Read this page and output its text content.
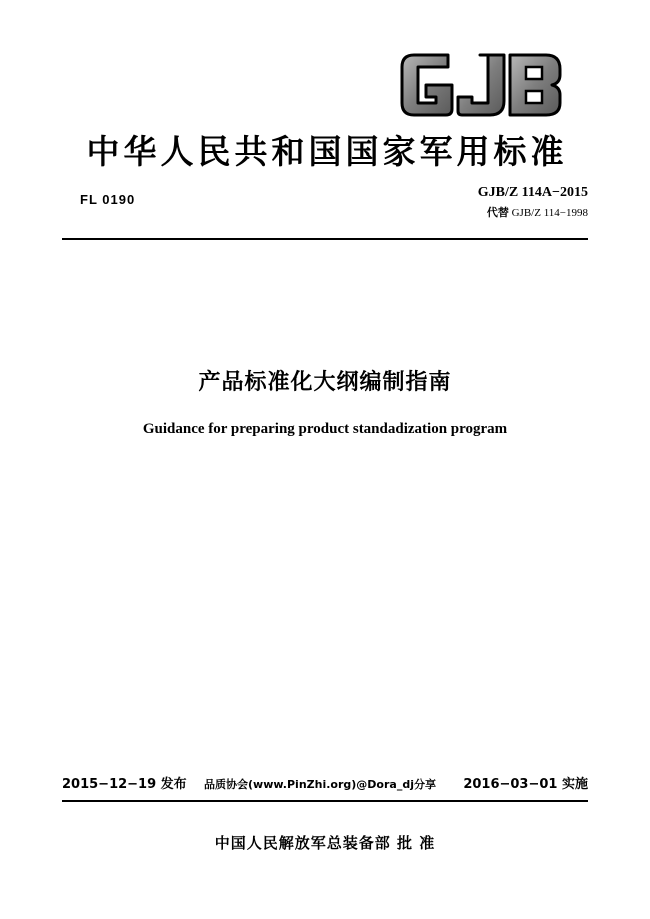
中华人民共和国国家军用标准
FL 0190	GJB/Z 114A−2015
代替 GJB/Z 114−1998
产品标准化大纲编制指南
Guidance for preparing product standadization program
2015−12−19 发布 品质协会(www.PinZhi.org)@Dora_dj分享 2016−03−01 实施
中国人民解放军总装备部 批 准
